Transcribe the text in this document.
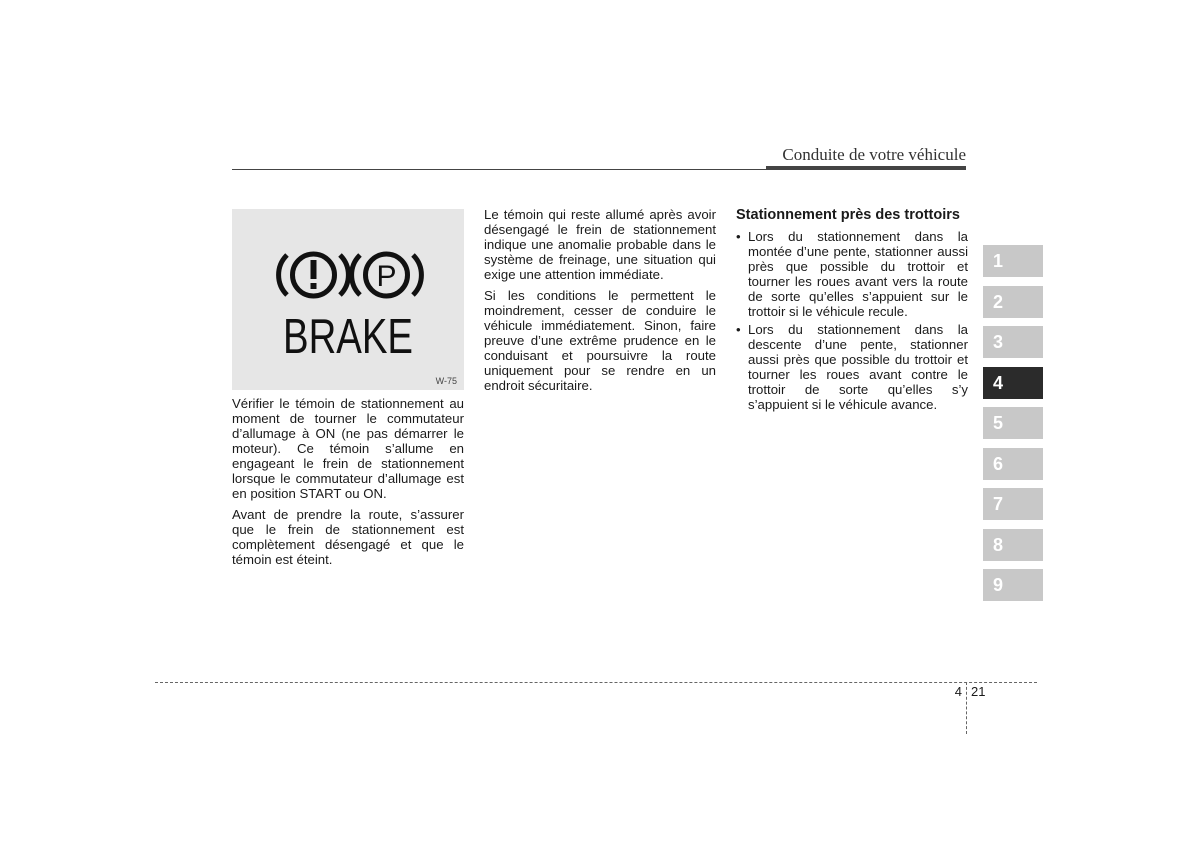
Conduite de votre véhicule
P
BRAKE
W-75

Vérifier le témoin de stationnement au moment de tourner le commutateur d’allumage à ON (ne pas démarrer le moteur). Ce témoin s’allume en engageant le frein de stationnement lorsque le commutateur d’allumage est en position START ou ON.

Avant de prendre la route, s’assurer que le frein de stationnement est complètement désengagé et que le témoin est éteint.

Le témoin qui reste allumé après avoir désengagé le frein de stationnement indique une anomalie probable dans le système de freinage, une situation qui exige une attention immédiate.

Si les conditions le permettent le moindrement, cesser de conduire le véhicule immédiatement. Sinon, faire preuve d’une extrême prudence en le conduisant et poursuivre la route uniquement pour se rendre en un endroit sécuritaire.

Stationnement près des trottoirs
• Lors du stationnement dans la montée d’une pente, stationner aussi près que possible du trottoir et tourner les roues avant vers la route de sorte qu’elles s’appuient sur le trottoir si le véhicule recule.
• Lors du stationnement dans la descente d’une pente, stationner aussi près que possible du trottoir et tourner les roues avant contre le trottoir de sorte qu’elles s’y s’appuient si le véhicule avance.
1
2
3
4
5
6
7
8
9
4 21
